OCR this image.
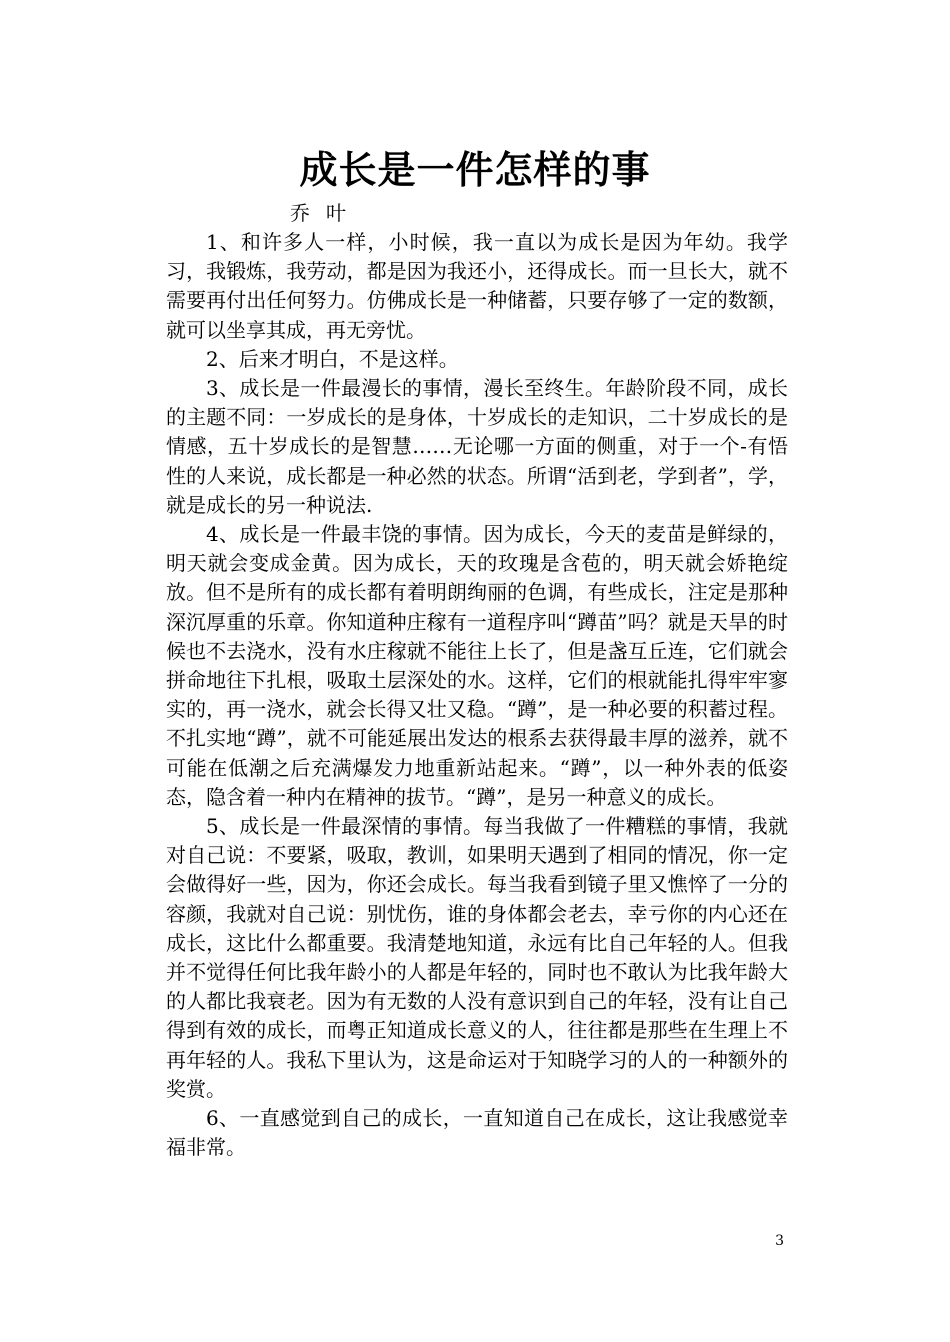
成长是一件怎样的事
乔叶

1、和许多人一样，小时候，我一直以为成长是因为年幼。我学习，我锻炼，我劳动，都是因为我还小，还得成长。而一旦长大，就不需要再付出任何努力。仿佛成长是一种储蓄，只要存够了一定的数额，就可以坐享其成，再无旁忧。

2、后来才明白，不是这样。

3、成长是一件最漫长的事情，漫长至终生。年龄阶段不同，成长的主题不同：一岁成长的是身体，十岁成长的走知识，二十岁成长的是情感，五十岁成长的是智慧……无论哪一方面的侧重，对于一个-有悟性的人来说，成长都是一种必然的状态。所谓“活到老，学到者”，学，就是成长的另一种说法.

4、成长是一件最丰饶的事情。因为成长，今天的麦苗是鲜绿的，明天就会变成金黄。因为成长，天的玫瑰是含苞的，明天就会娇艳绽放。但不是所有的成长都有着明朗绚丽的色调，有些成长，注定是那种深沉厚重的乐章。你知道种庄稼有一道程序叫“蹲苗”吗？就是天旱的时候也不去浇水，没有水庄稼就不能往上长了，但是盏互丘连，它们就会拼命地往下扎根，吸取土层深处的水。这样，它们的根就能扎得牢牢寥实的，再一浇水，就会长得又壮又稳。“蹲”，是一种必要的积蓄过程。不扎实地“蹲”，就不可能延展出发达的根系去获得最丰厚的滋养，就不可能在低潮之后充满爆发力地重新站起来。“蹲”，以一种外表的低姿态，隐含着一种内在精神的拔节。“蹲”，是另一种意义的成长。

5、成长是一件最深情的事情。每当我做了一件糟糕的事情，我就对自己说：不要紧，吸取，教训，如果明天遇到了相同的情况，你一定会做得好一些，因为，你还会成长。每当我看到镜子里又憔悴了一分的容颜，我就对自己说：别忧伤，谁的身体都会老去，幸亏你的内心还在成长，这比什么都重要。我清楚地知道，永远有比自己年轻的人。但我并不觉得任何比我年龄小的人都是年轻的，同时也不敢认为比我年龄大的人都比我衰老。因为有无数的人没有意识到自己的年轻，没有让自己得到有效的成长，而粤正知道成长意义的人，往往都是那些在生理上不再年轻的人。我私下里认为，这是命运对于知晓学习的人的一种额外的奖赏。

6、一直感觉到自己的成长，一直知道自己在成长，这让我感觉幸福非常。

3
